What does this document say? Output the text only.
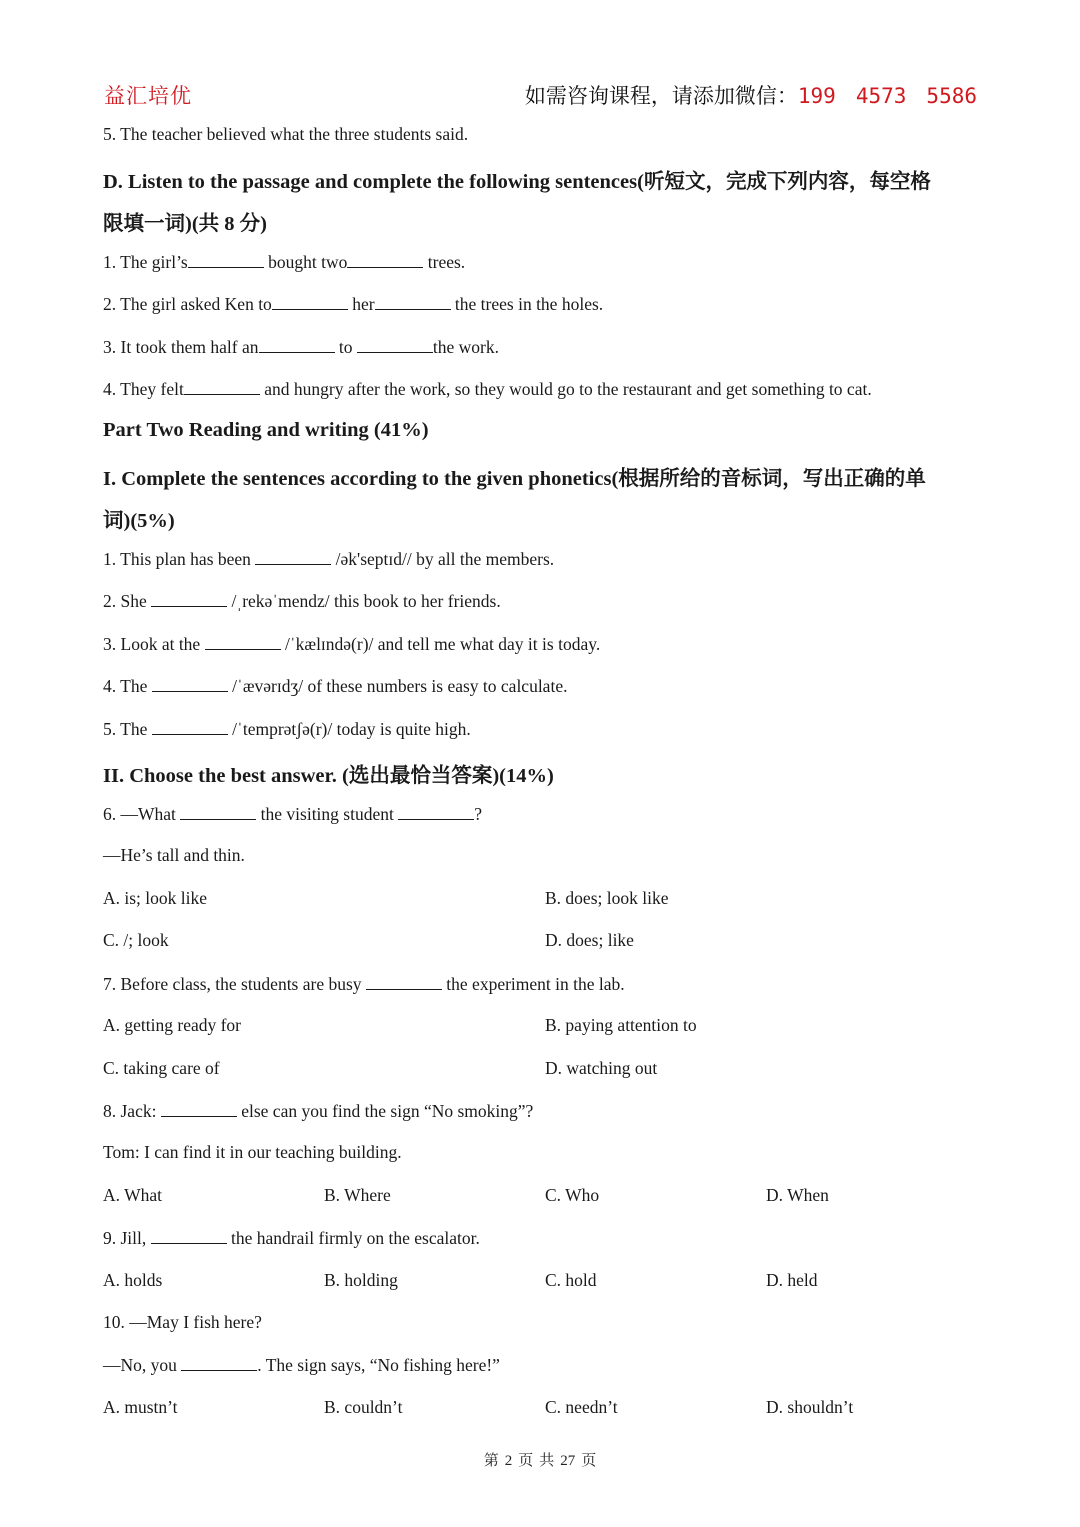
益汇培优	如需咨询课程，请添加微信：199 4573 5586
5. The teacher believed what the three students said.
D. Listen to the passage and complete the following sentences(听短文，完成下列内容，每空格
限填一词)(共 8 分)
1. The girl’s	bought two	trees.
2. The girl asked Ken to	her	the trees in the holes.
3. It took them half an	to	the work.
4. They felt	and hungry after the work, so they would go to the restaurant and get something to cat.
Part Two Reading and writing (41%)
I. Complete the sentences according to the given phonetics(根据所给的音标词，写出正确的单
词)(5%)
1. This plan has been	/ək'septɪd// by all the members.
2. She	/ˌrekəˈmendz/ this book to her friends.
3. Look at the	/ˈkælɪndə(r)/ and tell me what day it is today.
4. The	/ˈævərɪdʒ/ of these numbers is easy to calculate.
5. The	/ˈtemprətʃə(r)/ today is quite high.
II. Choose the best answer. (选出最恰当答案)(14%)
6. —What	the visiting student	?
—He’s tall and thin.
A. is; look like	B. does; look like
C. /; look	D. does; like
7. Before class, the students are busy	the experiment in the lab.
A. getting ready for	B. paying attention to
C. taking care of	D. watching out
8. Jack:	else can you find the sign “No smoking”?
Tom: I can find it in our teaching building.
A. What	B. Where	C. Who	D. When
9. Jill,	the handrail firmly on the escalator.
A. holds	B. holding	C. hold	D. held
10. —May I fish here?
—No, you	. The sign says, “No fishing here!”
A. mustn’t	B. couldn’t	C. needn’t	D. shouldn’t
第 2 页 共 27 页
